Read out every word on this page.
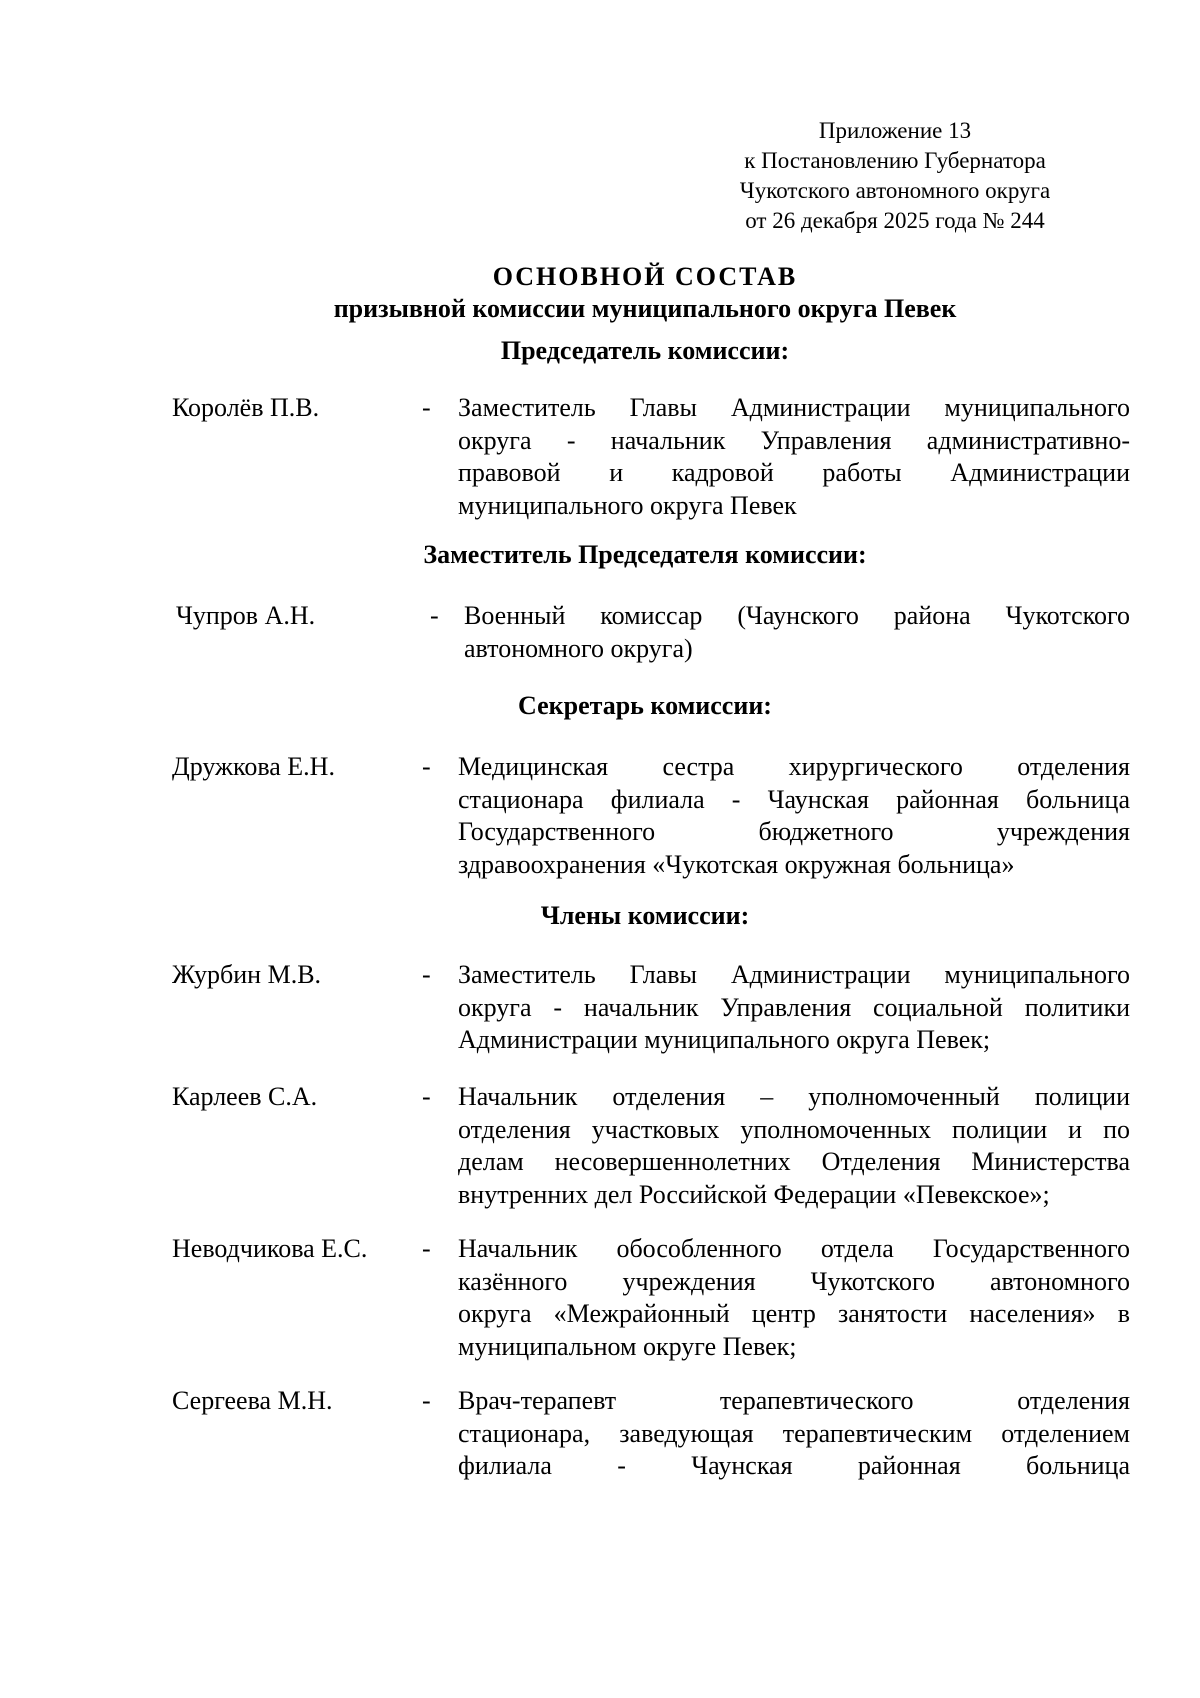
Приложение 13
к Постановлению Губернатора
Чукотского автономного округа
от 26 декабря 2025 года № 244
ОСНОВНОЙ СОСТАВ
призывной комиссии муниципального округа Певек
Председатель комиссии:
Королёв П.В.	- Заместитель Главы Администрации муниципального
округа - начальник Управления административно-
правовой и кадровой работы Администрации
муниципального округа Певек
Заместитель Председателя комиссии:
Чупров А.Н.	- Военный комиссар (Чаунского района Чукотского
автономного округа)
Секретарь комиссии:
Дружкова Е.Н.	- Медицинская сестра хирургического отделения
стационара филиала - Чаунская районная больница
Государственного бюджетного учреждения
здравоохранения «Чукотская окружная больница»
Члены комиссии:
Журбин М.В.	- Заместитель Главы Администрации муниципального
округа - начальник Управления социальной политики
Администрации муниципального округа Певек;
Карлеев С.А.	- Начальник отделения – уполномоченный полиции
отделения участковых уполномоченных полиции и по
делам несовершеннолетних Отделения Министерства
внутренних дел Российской Федерации «Певекское»;
Неводчикова Е.С. - Начальник обособленного отдела Государственного
казённого учреждения Чукотского автономного
округа «Межрайонный центр занятости населения» в
муниципальном округе Певек;
Сергеева М.Н.	- Врач-терапевт терапевтического отделения
стационара, заведующая терапевтическим отделением
филиала - Чаунская районная больница
